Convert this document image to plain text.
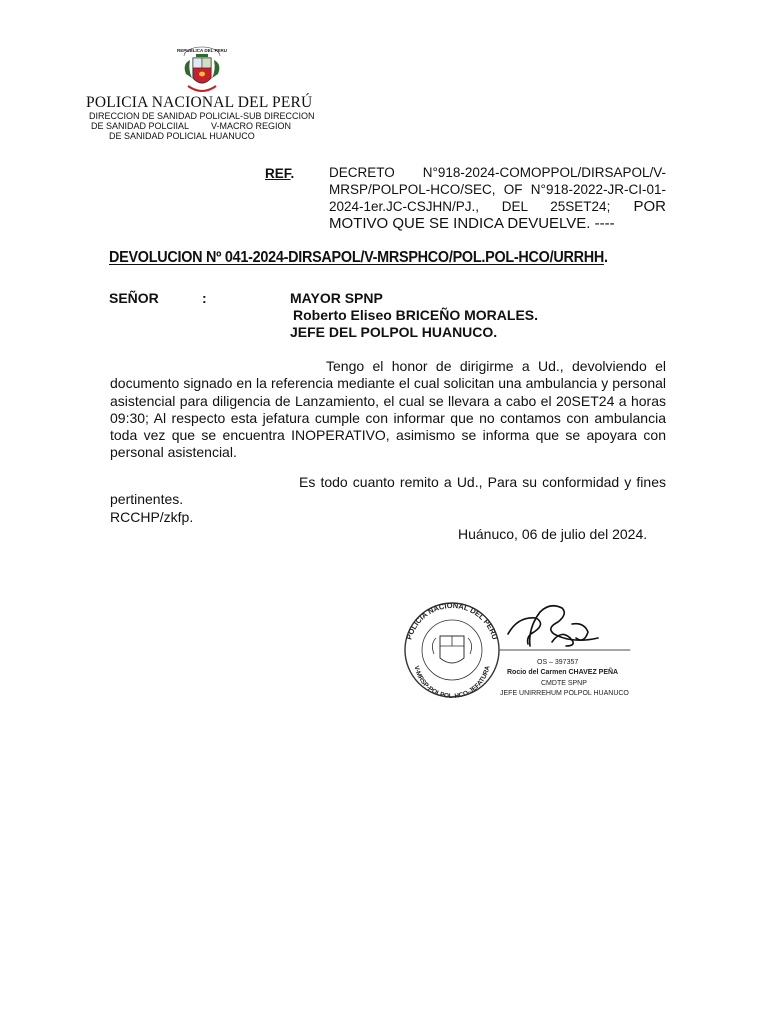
REPUBLICA DEL PERU
POLICIA NACIONAL DEL PERÚ
DIRECCION DE SANIDAD POLICIAL-SUB DIRECCION
DE SANIDAD POLCIIAL V-MACRO REGION
DE SANIDAD POLICIAL HUANUCO
REF.	DECRETO N°918-2024-COMOPPOL/DIRSAPOL/V-MRSP/POLPOL-HCO/SEC, OF N°918-2022-JR-CI-01-2024-1er.JC-CSJHN/PJ., DEL 25SET24; POR MOTIVO QUE SE INDICA DEVUELVE. ----
DEVOLUCION Nº 041-2024-DIRSAPOL/V-MRSPHCO/POL.POL-HCO/URRHH.
SEÑOR	:	MAYOR SPNP
Roberto Eliseo BRICEÑO MORALES.
JEFE DEL POLPOL HUANUCO.
Tengo el honor de dirigirme a Ud., devolviendo el documento signado en la referencia mediante el cual solicitan una ambulancia y personal asistencial para diligencia de Lanzamiento, el cual se llevara a cabo el 20SET24 a horas 09:30; Al respecto esta jefatura cumple con informar que no contamos con ambulancia toda vez que se encuentra INOPERATIVO, asimismo se informa que se apoyara con personal asistencial.
Es todo cuanto remito a Ud., Para su conformidad y fines pertinentes.
RCCHP/zkfp.
Huánuco, 06 de julio del 2024.
POLICIA NACIONAL DEL PERU
V-MRSP-POLPOL-HCO-JEFATURA
OS – 397357
Rocio del Carmen CHAVEZ PEÑA
CMDTE SPNP
JEFE UNIRREHUM POLPOL HUANUCO
